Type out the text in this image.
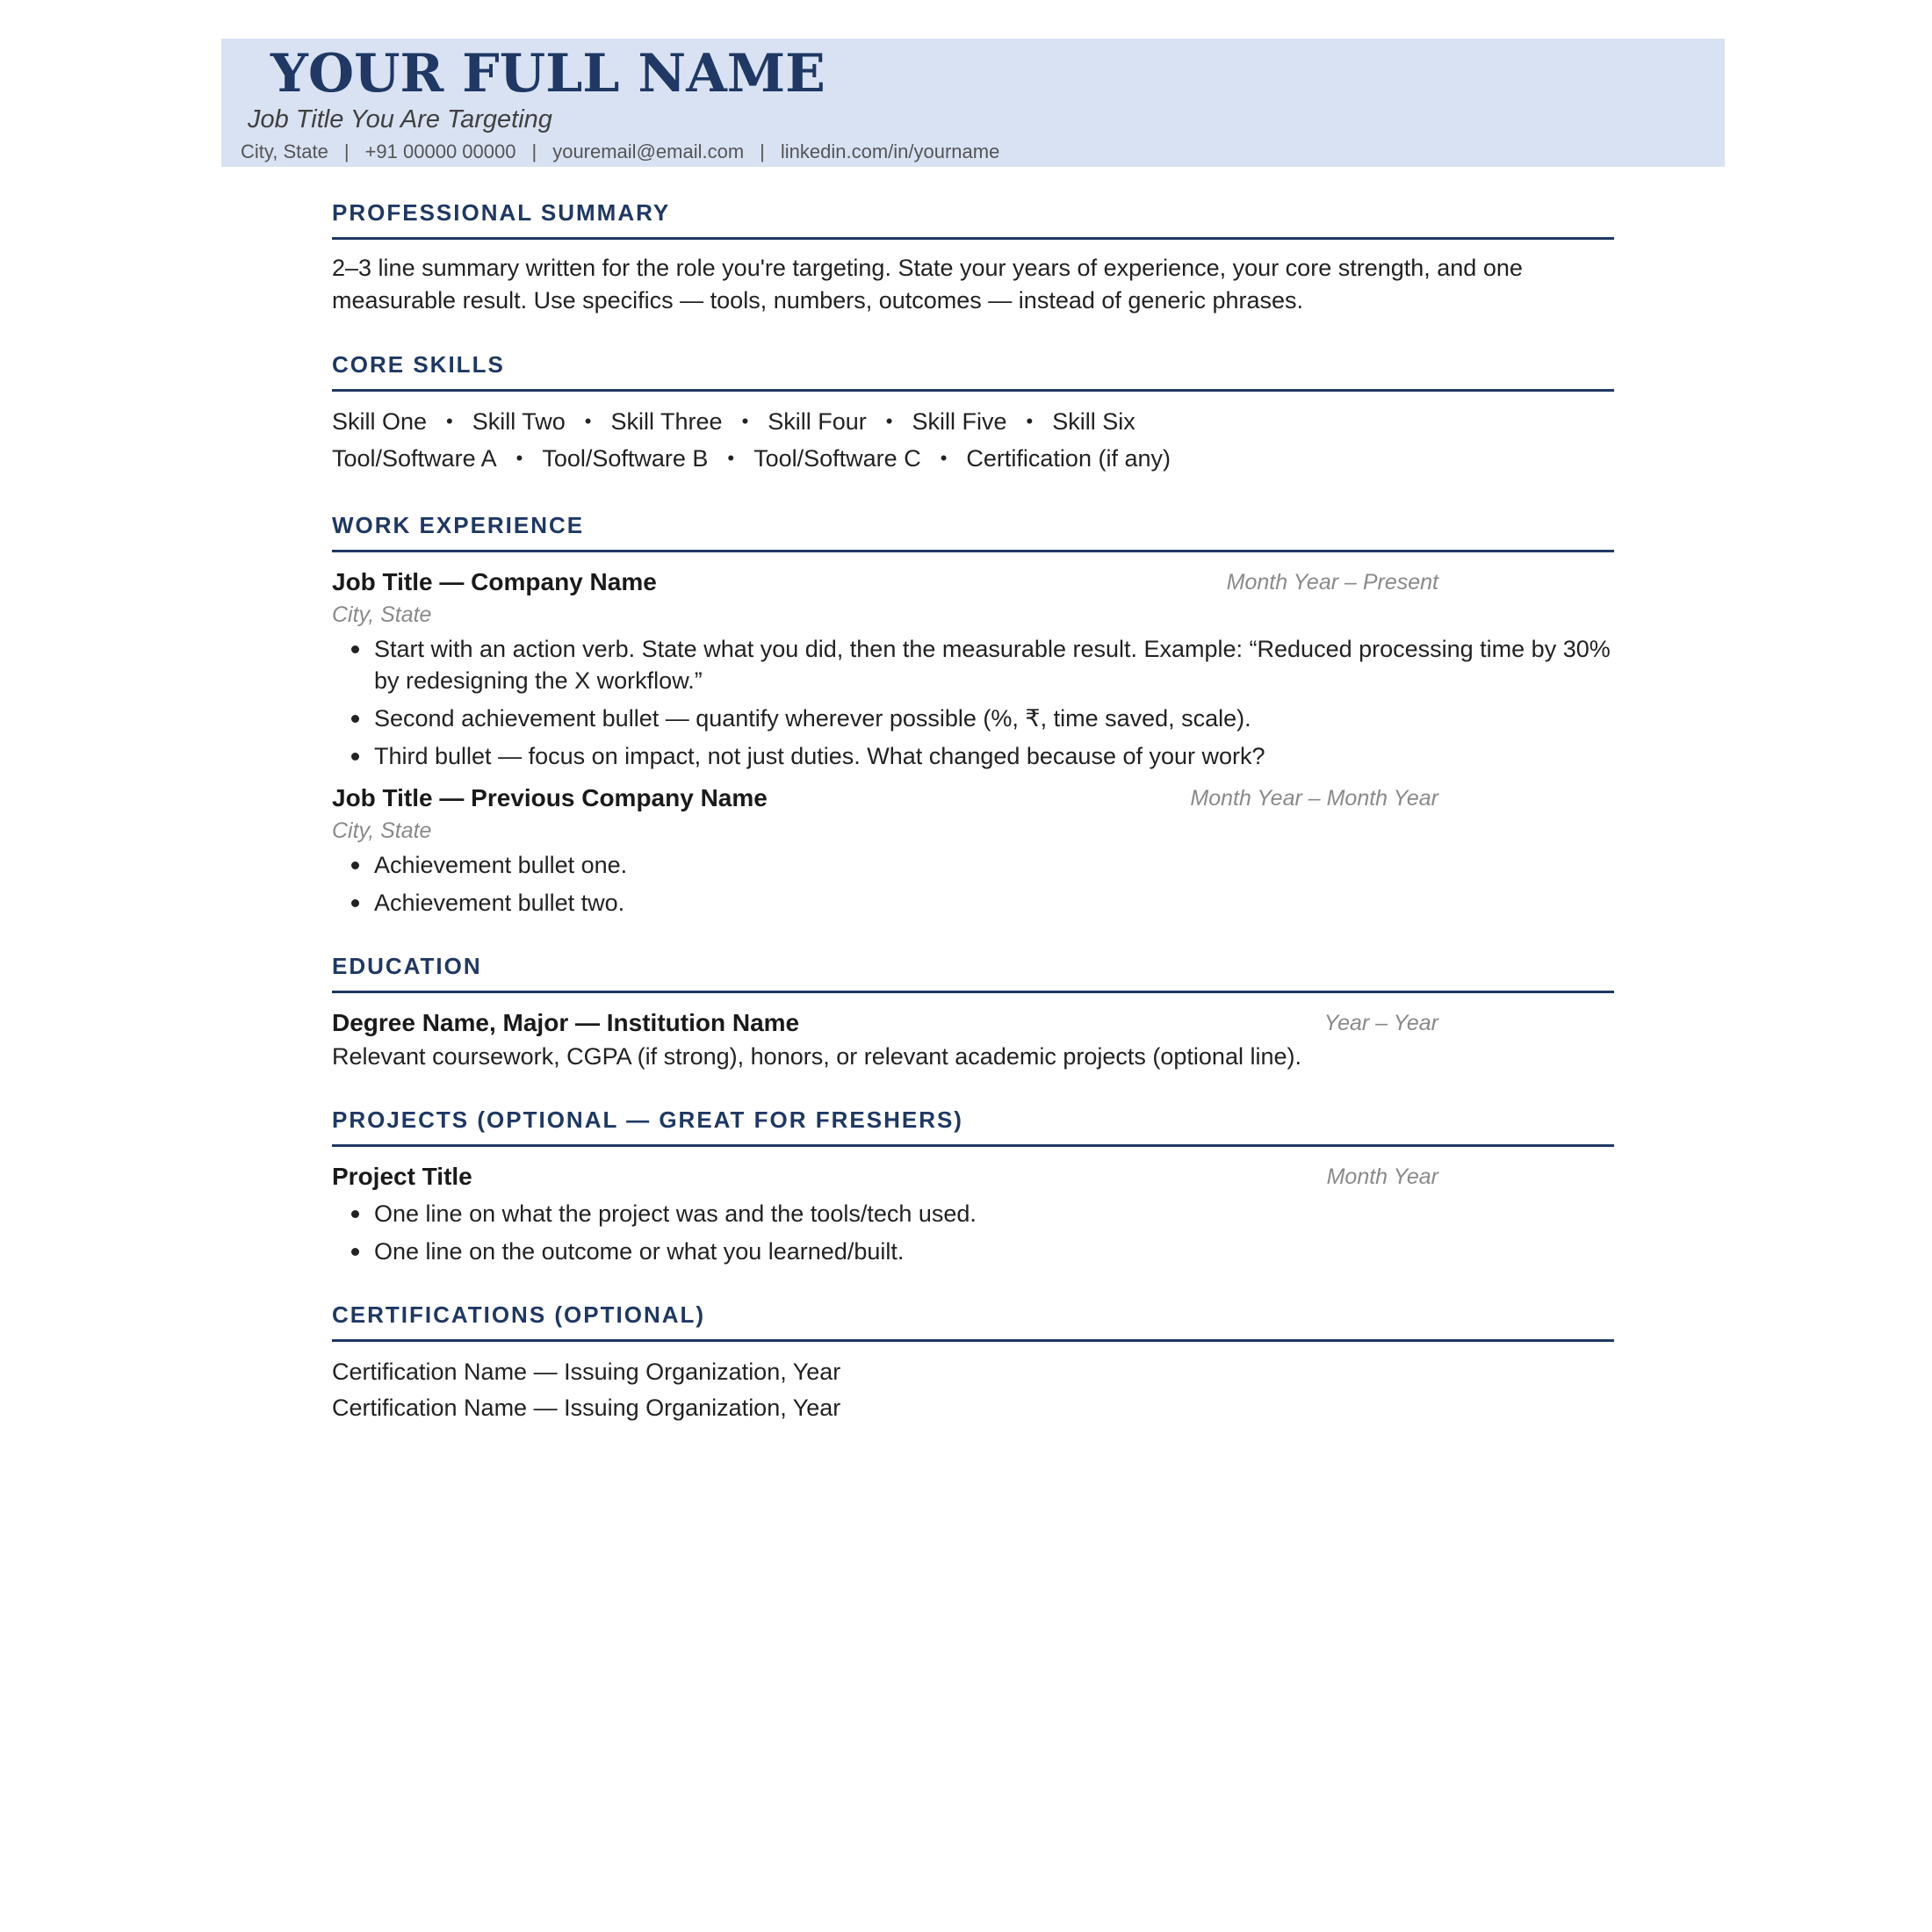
YOUR FULL NAME
Job Title You Are Targeting
City, State | +91 00000 00000 | youremail@email.com | linkedin.com/in/yourname
PROFESSIONAL SUMMARY
2–3 line summary written for the role you're targeting. State your years of experience, your core strength, and one measurable result. Use specifics — tools, numbers, outcomes — instead of generic phrases.
CORE SKILLS
Skill One • Skill Two • Skill Three • Skill Four • Skill Five • Skill Six
Tool/Software A • Tool/Software B • Tool/Software C • Certification (if any)
WORK EXPERIENCE
Job Title — Company Name	Month Year – Present
City, State
Start with an action verb. State what you did, then the measurable result. Example: “Reduced processing time by 30% by redesigning the X workflow.”
Second achievement bullet — quantify wherever possible (%, ₹, time saved, scale).
Third bullet — focus on impact, not just duties. What changed because of your work?
Job Title — Previous Company Name	Month Year – Month Year
City, State
Achievement bullet one.
Achievement bullet two.
EDUCATION
Degree Name, Major — Institution Name	Year – Year
Relevant coursework, CGPA (if strong), honors, or relevant academic projects (optional line).
PROJECTS (OPTIONAL — GREAT FOR FRESHERS)
Project Title	Month Year
One line on what the project was and the tools/tech used.
One line on the outcome or what you learned/built.
CERTIFICATIONS (OPTIONAL)
Certification Name — Issuing Organization, Year
Certification Name — Issuing Organization, Year
